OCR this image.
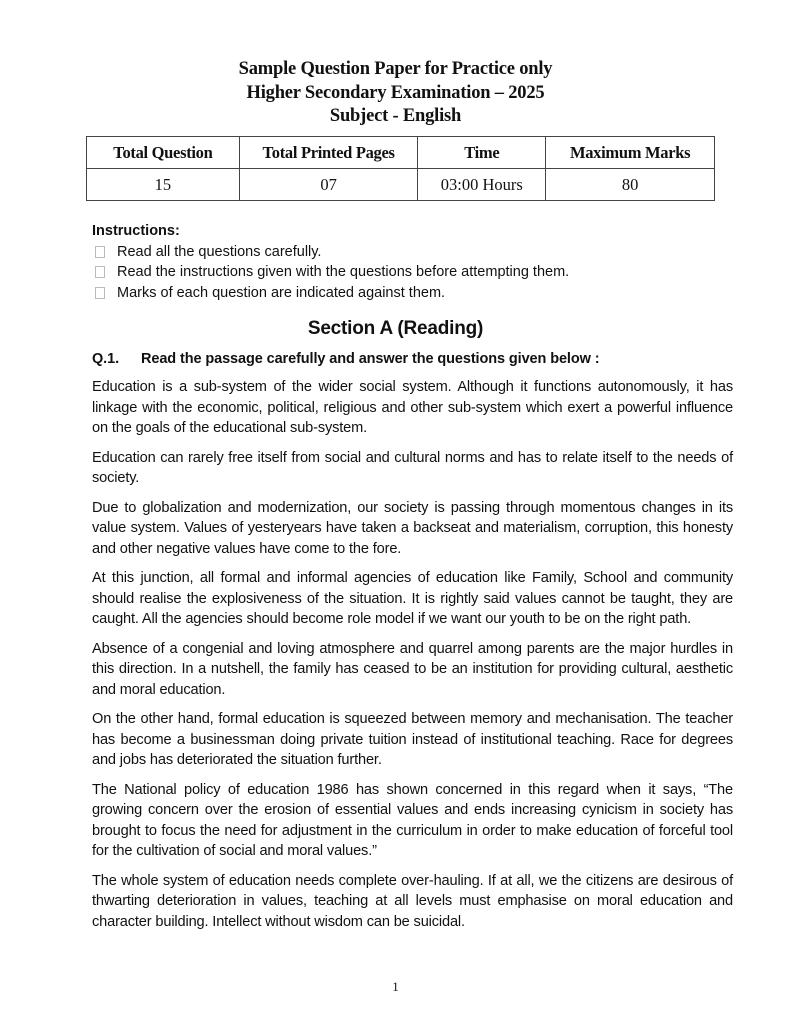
Sample Question Paper for Practice only
Higher Secondary Examination – 2025
Subject - English
Total Question	Total Printed Pages	Time	Maximum Marks
15	07	03:00 Hours	80
Instructions:
Read all the questions carefully.
Read the instructions given with the questions before attempting them.
Marks of each question are indicated against them.
Section A (Reading)
Q.1. Read the passage carefully and answer the questions given below :

Education is a sub-system of the wider social system. Although it functions autonomously, it has linkage with the economic, political, religious and other sub-system which exert a powerful influence on the goals of the educational sub-system.

Education can rarely free itself from social and cultural norms and has to relate itself to the needs of society.

Due to globalization and modernization, our society is passing through momentous changes in its value system. Values of yesteryears have taken a backseat and materialism, corruption, this honesty and other negative values have come to the fore.

At this junction, all formal and informal agencies of education like Family, School and community should realise the explosiveness of the situation. It is rightly said values cannot be taught, they are caught. All the agencies should become role model if we want our youth to be on the right path.

Absence of a congenial and loving atmosphere and quarrel among parents are the major hurdles in this direction. In a nutshell, the family has ceased to be an institution for providing cultural, aesthetic and moral education.

On the other hand, formal education is squeezed between memory and mechanisation. The teacher has become a businessman doing private tuition instead of institutional teaching. Race for degrees and jobs has deteriorated the situation further.

The National policy of education 1986 has shown concerned in this regard when it says, “The growing concern over the erosion of essential values and ends increasing cynicism in society has brought to focus the need for adjustment in the curriculum in order to make education of forceful tool for the cultivation of social and moral values.”

The whole system of education needs complete over-hauling. If at all, we the citizens are desirous of thwarting deterioration in values, teaching at all levels must emphasise on moral education and character building. Intellect without wisdom can be suicidal.

1
